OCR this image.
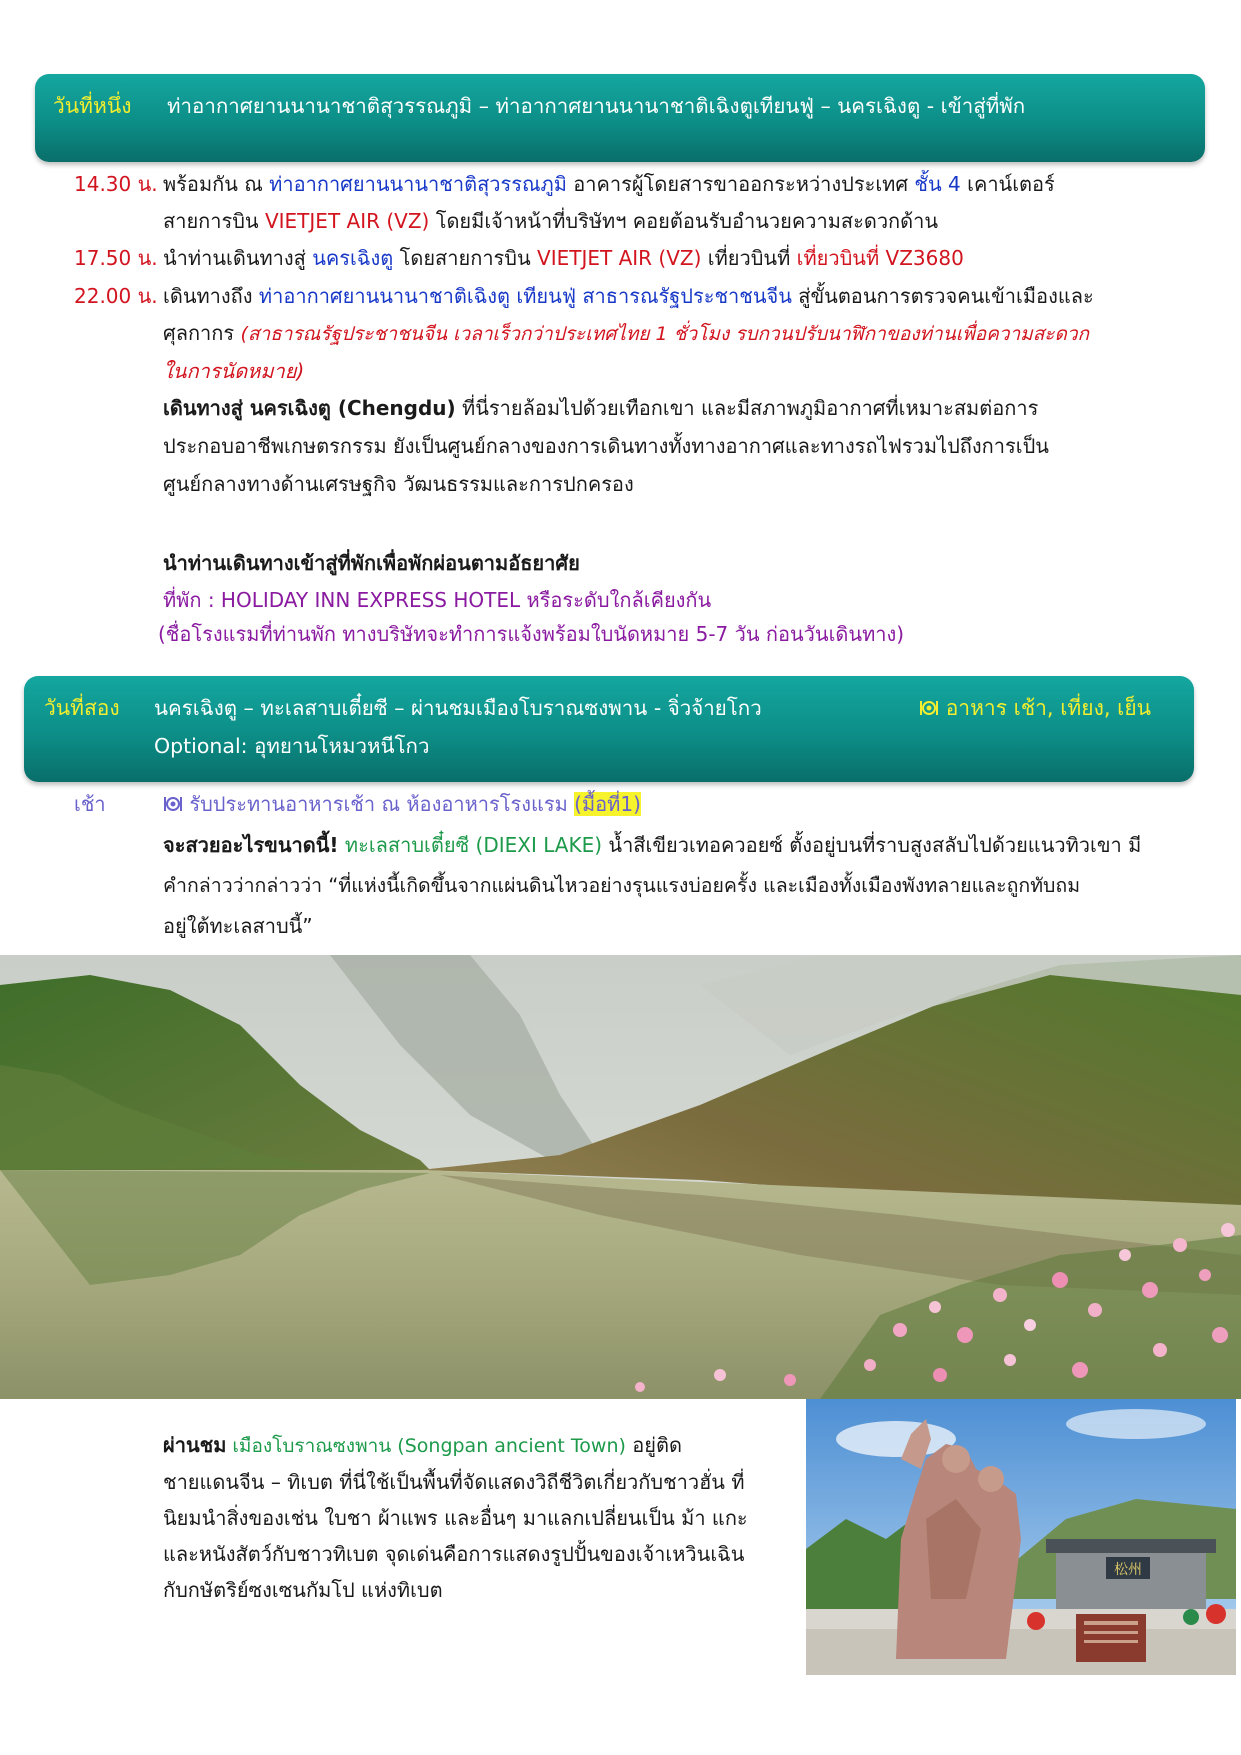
วันที่หนึ่ง ท่าอากาศยานนานาชาติสุวรรณภูมิ – ท่าอากาศยานนานาชาติเฉิงตูเทียนฟู่ – นครเฉิงตู - เข้าสู่ที่พัก
14.30 น. พร้อมกัน ณ ท่าอากาศยานนานาชาติสุวรรณภูมิ อาคารผู้โดยสารขาออกระหว่างประเทศ ชั้น 4 เคาน์เตอร์
สายการบิน VIETJET AIR (VZ) โดยมีเจ้าหน้าที่บริษัทฯ คอยต้อนรับอำนวยความสะดวกด้าน
17.50 น. นำท่านเดินทางสู่ นครเฉิงตู โดยสายการบิน VIETJET AIR (VZ) เที่ยวบินที่ เที่ยวบินที่ VZ3680
22.00 น. เดินทางถึง ท่าอากาศยานนานาชาติเฉิงตู เทียนฟู่ สาธารณรัฐประชาชนจีน สู่ขั้นตอนการตรวจคนเข้าเมืองและ
ศุลกากร (สาธารณรัฐประชาชนจีน เวลาเร็วกว่าประเทศไทย 1 ชั่วโมง รบกวนปรับนาฬิกาของท่านเพื่อความสะดวก
ในการนัดหมาย)
เดินทางสู่ นครเฉิงตู (Chengdu) ที่นี่รายล้อมไปด้วยเทือกเขา และมีสภาพภูมิอากาศที่เหมาะสมต่อการ
ประกอบอาชีพเกษตรกรรม ยังเป็นศูนย์กลางของการเดินทางทั้งทางอากาศและทางรถไฟรวมไปถึงการเป็น
ศูนย์กลางทางด้านเศรษฐกิจ วัฒนธรรมและการปกครอง
นำท่านเดินทางเข้าสู่ที่พักเพื่อพักผ่อนตามอัธยาศัย
ที่พัก : HOLIDAY INN EXPRESS HOTEL หรือระดับใกล้เคียงกัน
(ชื่อโรงแรมที่ท่านพัก ทางบริษัทจะทำการแจ้งพร้อมใบนัดหมาย 5-7 วัน ก่อนวันเดินทาง)
วันที่สอง นครเฉิงตู – ทะเลสาบเตี๋ยซี – ผ่านชมเมืองโบราณซงพาน - จิ่วจ้ายโกว
Optional: อุทยานโหมวหนีโกว
อาหาร เช้า, เที่ยง, เย็น
เช้า	รับประทานอาหารเช้า ณ ห้องอาหารโรงแรม (มื้อที่1)
จะสวยอะไรขนาดนี้! ทะเลสาบเตี๋ยซี (DIEXI LAKE) น้ำสีเขียวเทอควอยซ์ ตั้งอยู่บนที่ราบสูงสลับไปด้วยแนวทิวเขา มี
คำกล่าวว่ากล่าวว่า “ที่แห่งนี้เกิดขึ้นจากแผ่นดินไหวอย่างรุนแรงบ่อยครั้ง และเมืองทั้งเมืองพังทลายและถูกทับถม
อยู่ใต้ทะเลสาบนี้”
ผ่านชม เมืองโบราณซงพาน (Songpan ancient Town) อยู่ติด
ชายแดนจีน – ทิเบต ที่นี่ใช้เป็นพื้นที่จัดแสดงวิถีชีวิตเกี่ยวกับชาวฮั่น ที่
นิยมนำสิ่งของเช่น ใบชา ผ้าแพร และอื่นๆ มาแลกเปลี่ยนเป็น ม้า แกะ
และหนังสัตว์กับชาวทิเบต จุดเด่นคือการแสดงรูปปั้นของเจ้าเหวินเฉิน
กับกษัตริย์ซงเซนกัมโป แห่งทิเบต
松州
